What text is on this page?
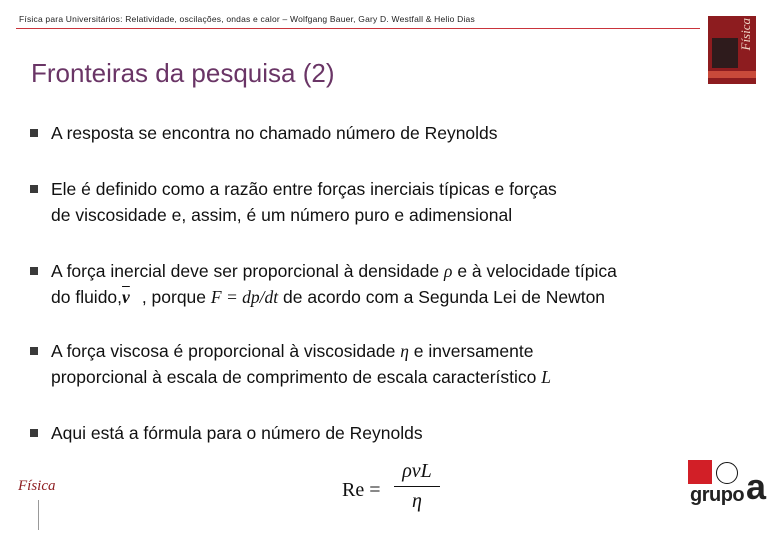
Física para Universitários: Relatividade, oscilações, ondas e calor – Wolfgang Bauer, Gary D. Westfall & Helio Dias	Física
Fronteiras da pesquisa (2)
A resposta se encontra no chamado número de Reynolds
Ele é definido como a razão entre forças inerciais típicas e forças
de viscosidade e, assim, é um número puro e adimensional
A força inercial deve ser proporcional à densidade ρ e à velocidade típica
do $fluido,\overline{v}$ , porque F = dp/dt de acordo com a Segunda Lei de Newton
A força viscosa é proporcional à viscosidade η e inversamente
proporcional à escala de comprimento de escala característico L
Aqui está a fórmula para o número de Reynolds
Re =
ρvL
η
Física	grupo a
